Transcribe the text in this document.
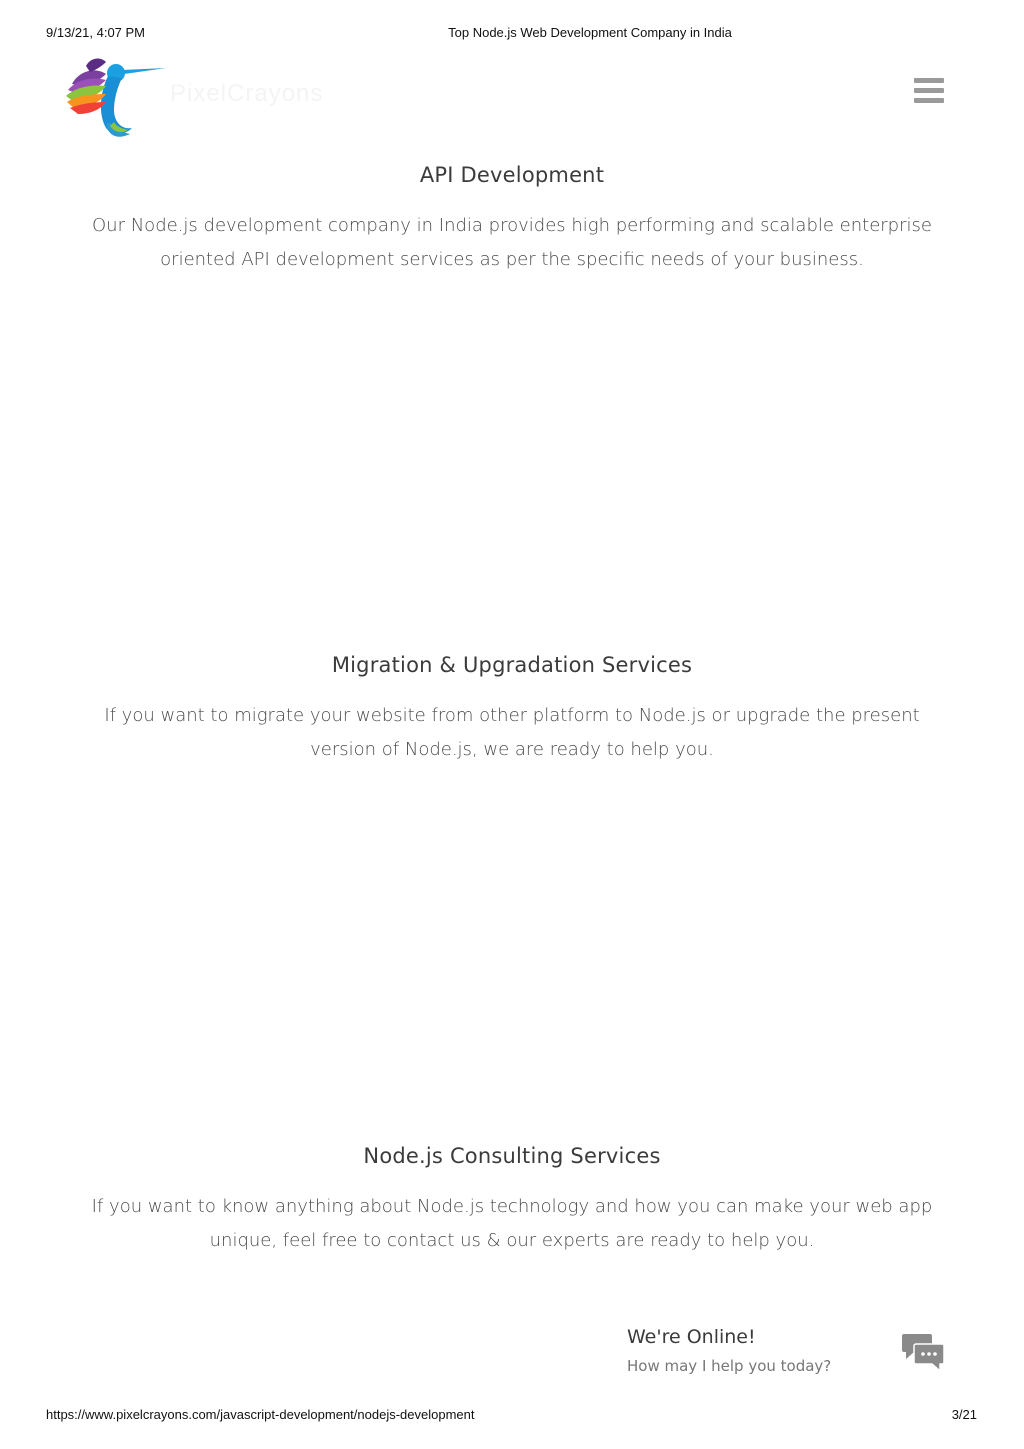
9/13/21, 4:07 PM	Top Node.js Web Development Company in India
PixelCrayons
API Development

Our Node.js development company in India provides high performing and scalable enterprise oriented API development services as per the specific needs of your business.

Migration & Upgradation Services

If you want to migrate your website from other platform to Node.js or upgrade the present version of Node.js, we are ready to help you.

Node.js Consulting Services

If you want to know anything about Node.js technology and how you can make your web app unique, feel free to contact us & our experts are ready to help you.

We're Online!
How may I help you today?
https://www.pixelcrayons.com/javascript-development/nodejs-development	3/21
